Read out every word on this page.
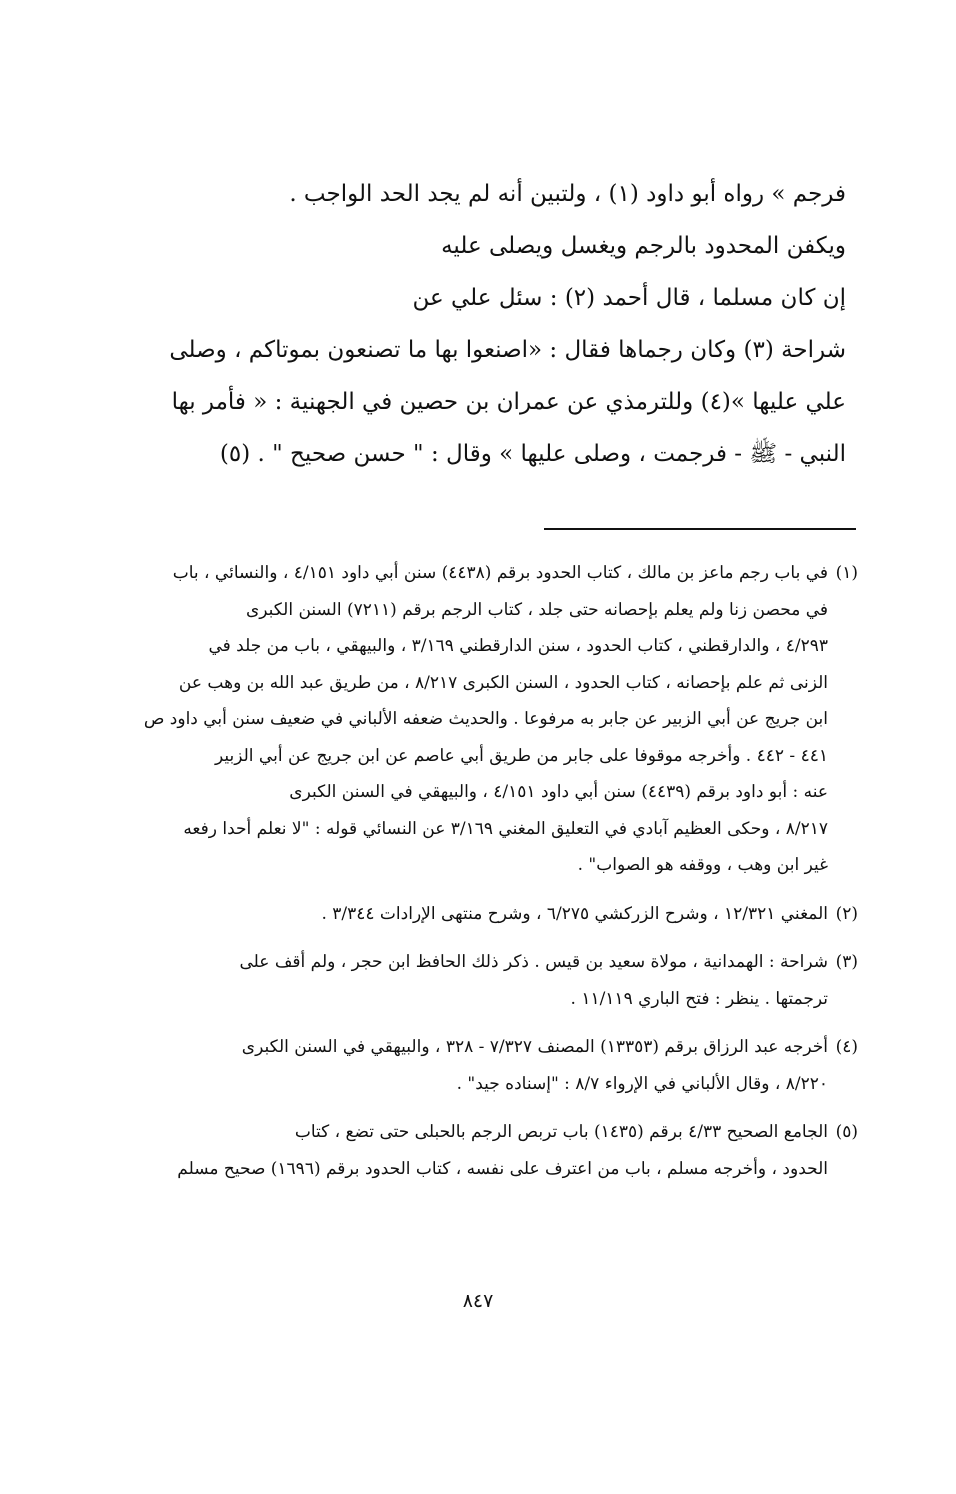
فرجم » رواه أبو داود (١) ، ولتبين أنه لم يجد الحد الواجب .
ويكفن المحدود بالرجم ويغسل ويصلى عليه
إن كان مسلما ، قال أحمد (٢) : سئل علي عن
شراحة (٣) وكان رجماها فقال : «اصنعوا بها ما تصنعون بموتاكم ، وصلى
علي عليها »(٤) وللترمذي عن عمران بن حصين في الجهنية : « فأمر بها
النبي - ﷺ - فرجمت ، وصلى عليها » وقال : " حسن صحيح " . (٥)
(١)في باب رجم ماعز بن مالك ، كتاب الحدود برقم (٤٤٣٨) سنن أبي داود ٤/١٥١ ، والنسائي ، باب
في محصن زنا ولم يعلم بإحصانه حتى جلد ، كتاب الرجم برقم (٧٢١١) السنن الكبرى
٤/٢٩٣ ، والدارقطني ، كتاب الحدود ، سنن الدارقطني ٣/١٦٩ ، والبيهقي ، باب من جلد في
الزنى ثم علم بإحصانه ، كتاب الحدود ، السنن الكبرى ٨/٢١٧ ، من طريق عبد الله بن وهب عن
ابن جريج عن أبي الزبير عن جابر به مرفوعا . والحديث ضعفه الألباني في ضعيف سنن أبي داود ص
٤٤١ - ٤٤٢ . وأخرجه موقوفا على جابر من طريق أبي عاصم عن ابن جريج عن أبي الزبير
عنه : أبو داود برقم (٤٤٣٩) سنن أبي داود ٤/١٥١ ، والبيهقي في السنن الكبرى
٨/٢١٧ ، وحكى العظيم آبادي في التعليق المغني ٣/١٦٩ عن النسائي قوله : "لا نعلم أحدا رفعه
غير ابن وهب ، ووقفه هو الصواب" .
(٢)المغني ١٢/٣٢١ ، وشرح الزركشي ٦/٢٧٥ ، وشرح منتهى الإرادات ٣/٣٤٤ .
(٣)شراحة : الهمدانية ، مولاة سعيد بن قيس . ذكر ذلك الحافظ ابن حجر ، ولم أقف على
ترجمتها . ينظر : فتح الباري ١١/١١٩ .
(٤)أخرجه عبد الرزاق برقم (١٣٣٥٣) المصنف ٧/٣٢٧ - ٣٢٨ ، والبيهقي في السنن الكبرى
٨/٢٢٠ ، وقال الألباني في الإرواء ٨/٧ : "إسناده جيد" .
(٥)الجامع الصحيح ٤/٣٣ برقم (١٤٣٥) باب تربص الرجم بالحبلى حتى تضع ، كتاب
الحدود ، وأخرجه مسلم ، باب من اعترف على نفسه ، كتاب الحدود برقم (١٦٩٦) صحيح مسلم
٨٤٧
